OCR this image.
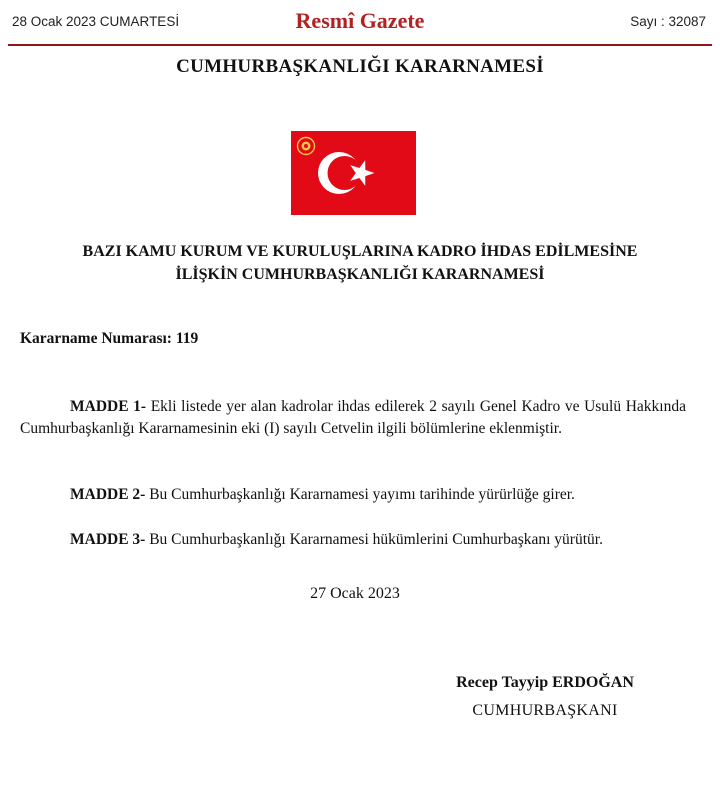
28 Ocak 2023 CUMARTESİ	Resmî Gazete	Sayı : 32087
CUMHURBAŞKANLIĞI KARARNAMESİ
BAZI KAMU KURUM VE KURULUŞLARINA KADRO İHDAS EDİLMESİNE
İLİŞKİN CUMHURBAŞKANLIĞI KARARNAMESİ
Kararname Numarası: 119
MADDE 1- Ekli listede yer alan kadrolar ihdas edilerek 2 sayılı Genel Kadro ve Usulü Hakkında Cumhurbaşkanlığı Kararnamesinin eki (I) sayılı Cetvelin ilgili bölümlerine eklenmiştir.
MADDE 2- Bu Cumhurbaşkanlığı Kararnamesi yayımı tarihinde yürürlüğe girer.
MADDE 3- Bu Cumhurbaşkanlığı Kararnamesi hükümlerini Cumhurbaşkanı yürütür.
27 Ocak 2023
Recep Tayyip ERDOĞAN
CUMHURBAŞKANI
